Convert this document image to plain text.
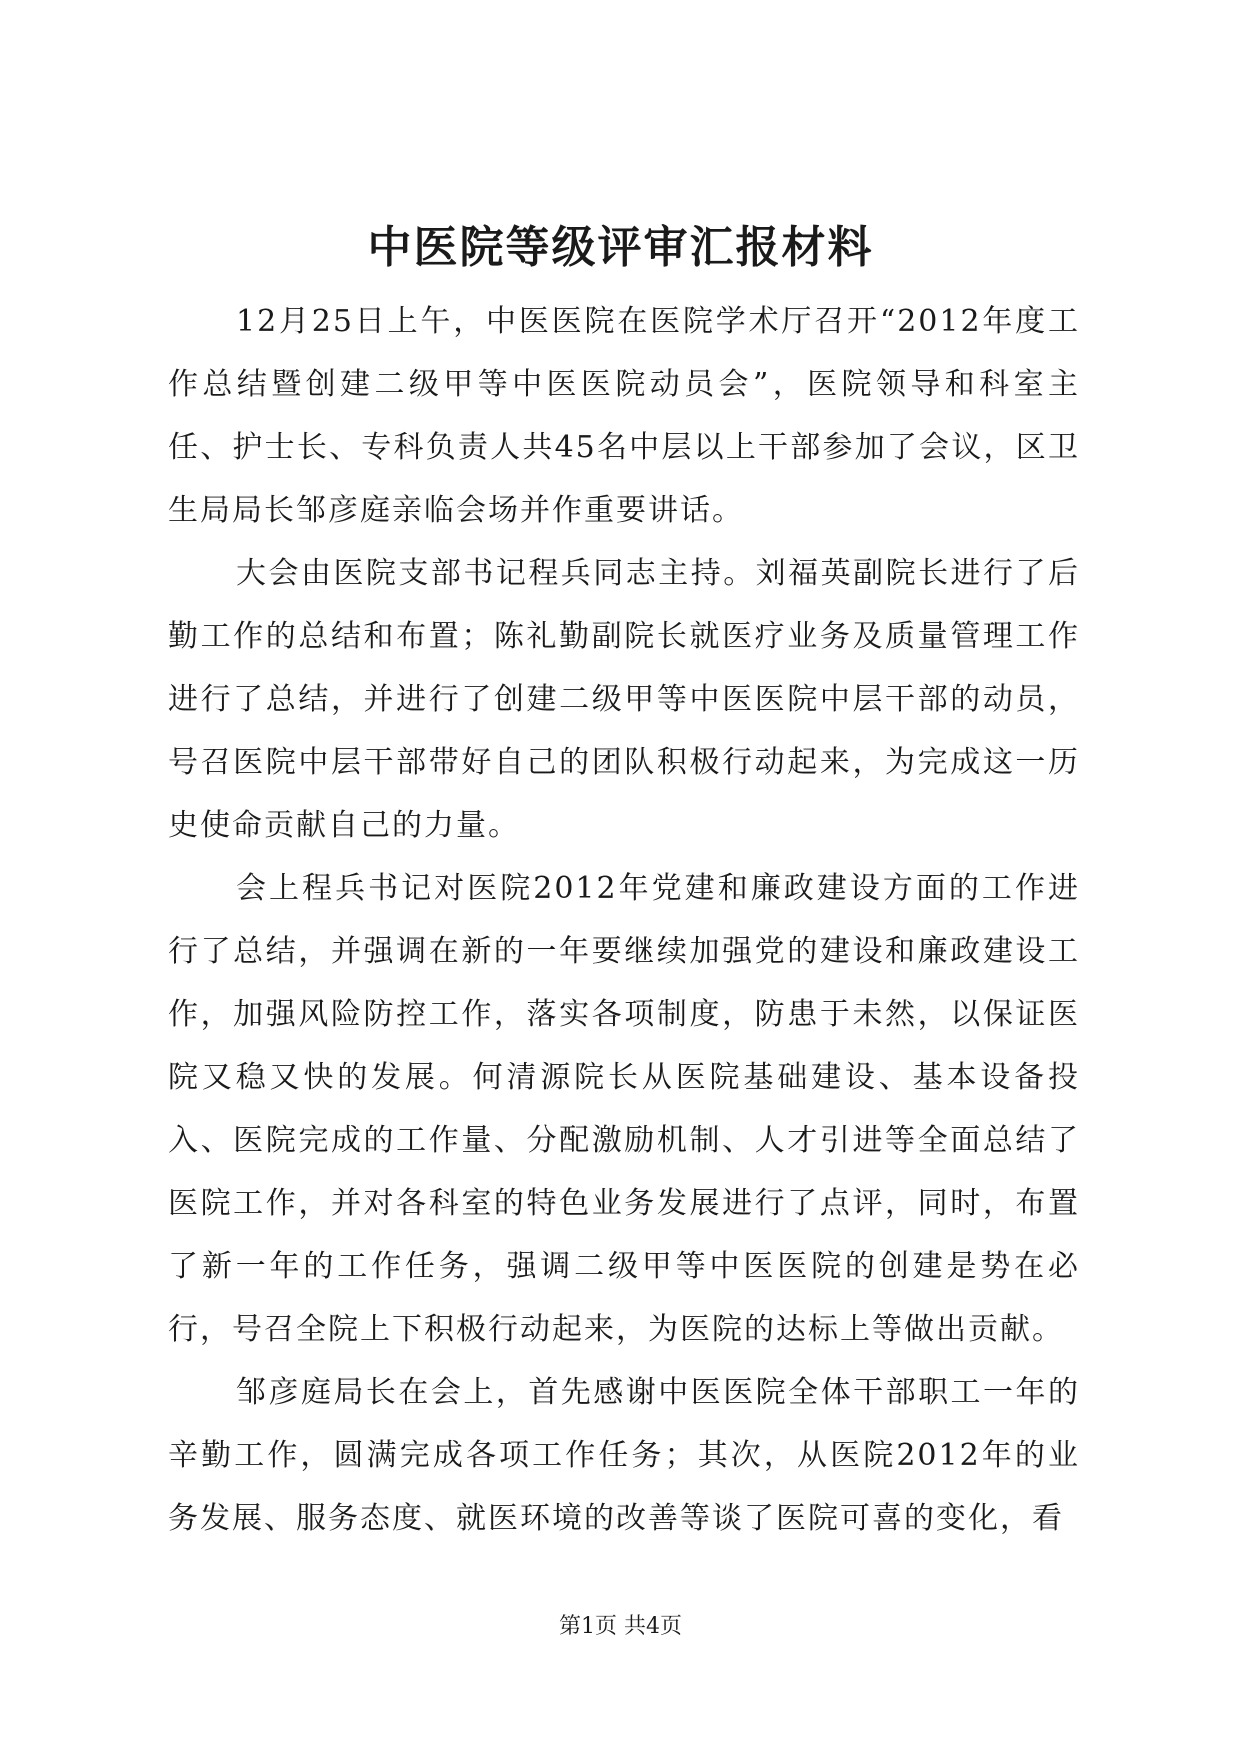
中医院等级评审汇报材料

12月25日上午，中医医院在医院学术厅召开“2012年度工作总结暨创建二级甲等中医医院动员会”，医院领导和科室主任、护士长、专科负责人共45名中层以上干部参加了会议，区卫生局局长邹彦庭亲临会场并作重要讲话。

大会由医院支部书记程兵同志主持。刘福英副院长进行了后勤工作的总结和布置；陈礼勤副院长就医疗业务及质量管理工作进行了总结，并进行了创建二级甲等中医医院中层干部的动员，号召医院中层干部带好自己的团队积极行动起来，为完成这一历史使命贡献自己的力量。

会上程兵书记对医院2012年党建和廉政建设方面的工作进行了总结，并强调在新的一年要继续加强党的建设和廉政建设工作，加强风险防控工作，落实各项制度，防患于未然，以保证医院又稳又快的发展。何清源院长从医院基础建设、基本设备投入、医院完成的工作量、分配激励机制、人才引进等全面总结了医院工作，并对各科室的特色业务发展进行了点评，同时，布置了新一年的工作任务，强调二级甲等中医医院的创建是势在必行，号召全院上下积极行动起来，为医院的达标上等做出贡献。

邹彦庭局长在会上，首先感谢中医医院全体干部职工一年的辛勤工作，圆满完成各项工作任务；其次，从医院2012年的业务发展、服务态度、就医环境的改善等谈了医院可喜的变化，看

第1页 共4页
